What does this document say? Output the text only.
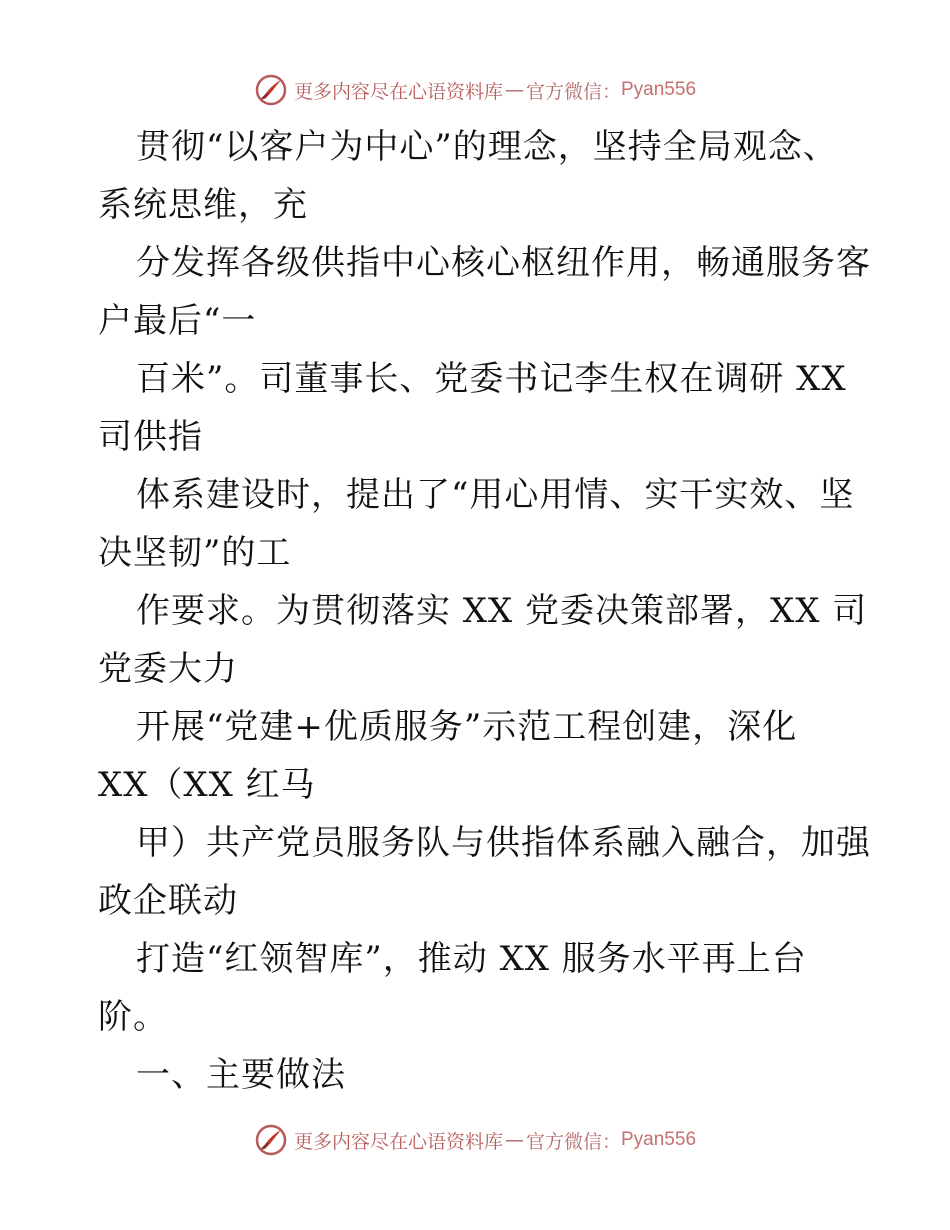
更多内容尽在心语资料库 — 官方微信： Pyan556
贯彻“以客户为中心”的理念，坚持全局观念、
系统思维，充
分发挥各级供指中心核心枢纽作用，畅通服务客
户最后“一
百米”。司董事长、党委书记李生权在调研 XX
司供指
体系建设时，提出了“用心用情、实干实效、坚
决坚韧”的工
作要求。为贯彻落实 XX 党委决策部署，XX 司
党委大力
开展“党建+优质服务”示范工程创建，深化
XX（XX 红马
甲）共产党员服务队与供指体系融入融合，加强
政企联动
打造“红领智库”，推动 XX 服务水平再上台
阶。
一、主要做法
更多内容尽在心语资料库 — 官方微信： Pyan556
